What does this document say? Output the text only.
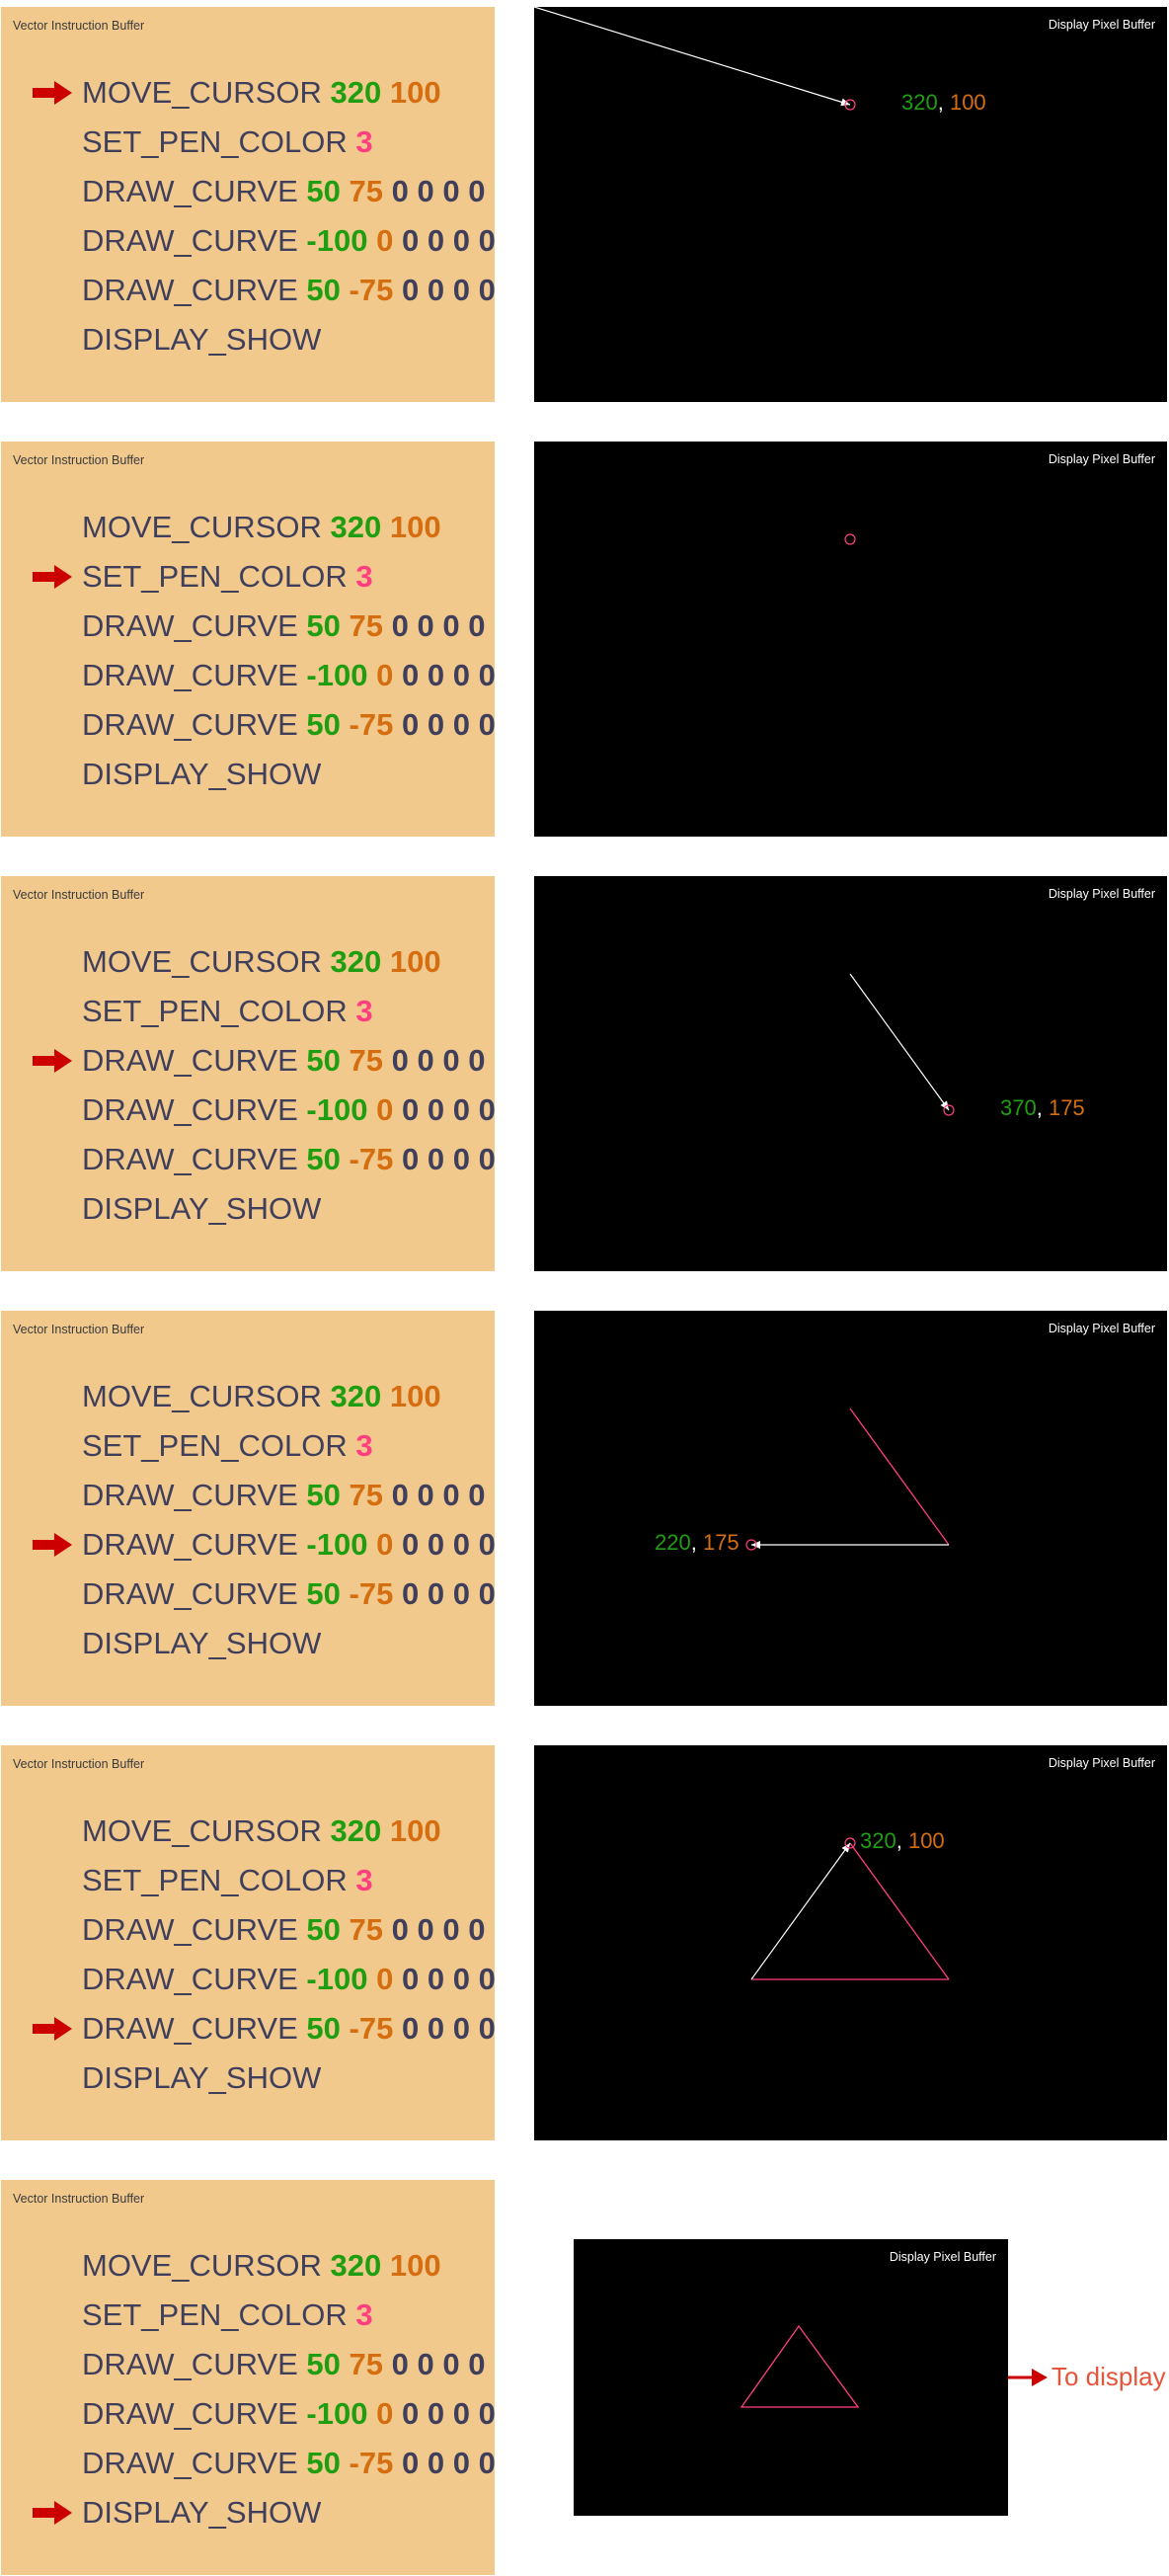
Vector Instruction Buffer
MOVE_CURSOR 320 100
SET_PEN_COLOR 3
DRAW_CURVE 50 75 0 0 0 0
DRAW_CURVE -100 0 0 0 0 0
DRAW_CURVE 50 -75 0 0 0 0
DISPLAY_SHOW
Display Pixel Buffer
320, 100
Vector Instruction Buffer
MOVE_CURSOR 320 100
SET_PEN_COLOR 3
DRAW_CURVE 50 75 0 0 0 0
DRAW_CURVE -100 0 0 0 0 0
DRAW_CURVE 50 -75 0 0 0 0
DISPLAY_SHOW
Display Pixel Buffer
Vector Instruction Buffer
MOVE_CURSOR 320 100
SET_PEN_COLOR 3
DRAW_CURVE 50 75 0 0 0 0
DRAW_CURVE -100 0 0 0 0 0
DRAW_CURVE 50 -75 0 0 0 0
DISPLAY_SHOW
Display Pixel Buffer
370, 175
Vector Instruction Buffer
MOVE_CURSOR 320 100
SET_PEN_COLOR 3
DRAW_CURVE 50 75 0 0 0 0
DRAW_CURVE -100 0 0 0 0 0
DRAW_CURVE 50 -75 0 0 0 0
DISPLAY_SHOW
Display Pixel Buffer
220, 175
Vector Instruction Buffer
MOVE_CURSOR 320 100
SET_PEN_COLOR 3
DRAW_CURVE 50 75 0 0 0 0
DRAW_CURVE -100 0 0 0 0 0
DRAW_CURVE 50 -75 0 0 0 0
DISPLAY_SHOW
Display Pixel Buffer
320, 100
Vector Instruction Buffer
MOVE_CURSOR 320 100
SET_PEN_COLOR 3
DRAW_CURVE 50 75 0 0 0 0
DRAW_CURVE -100 0 0 0 0 0
DRAW_CURVE 50 -75 0 0 0 0
DISPLAY_SHOW
Display Pixel Buffer
To display
